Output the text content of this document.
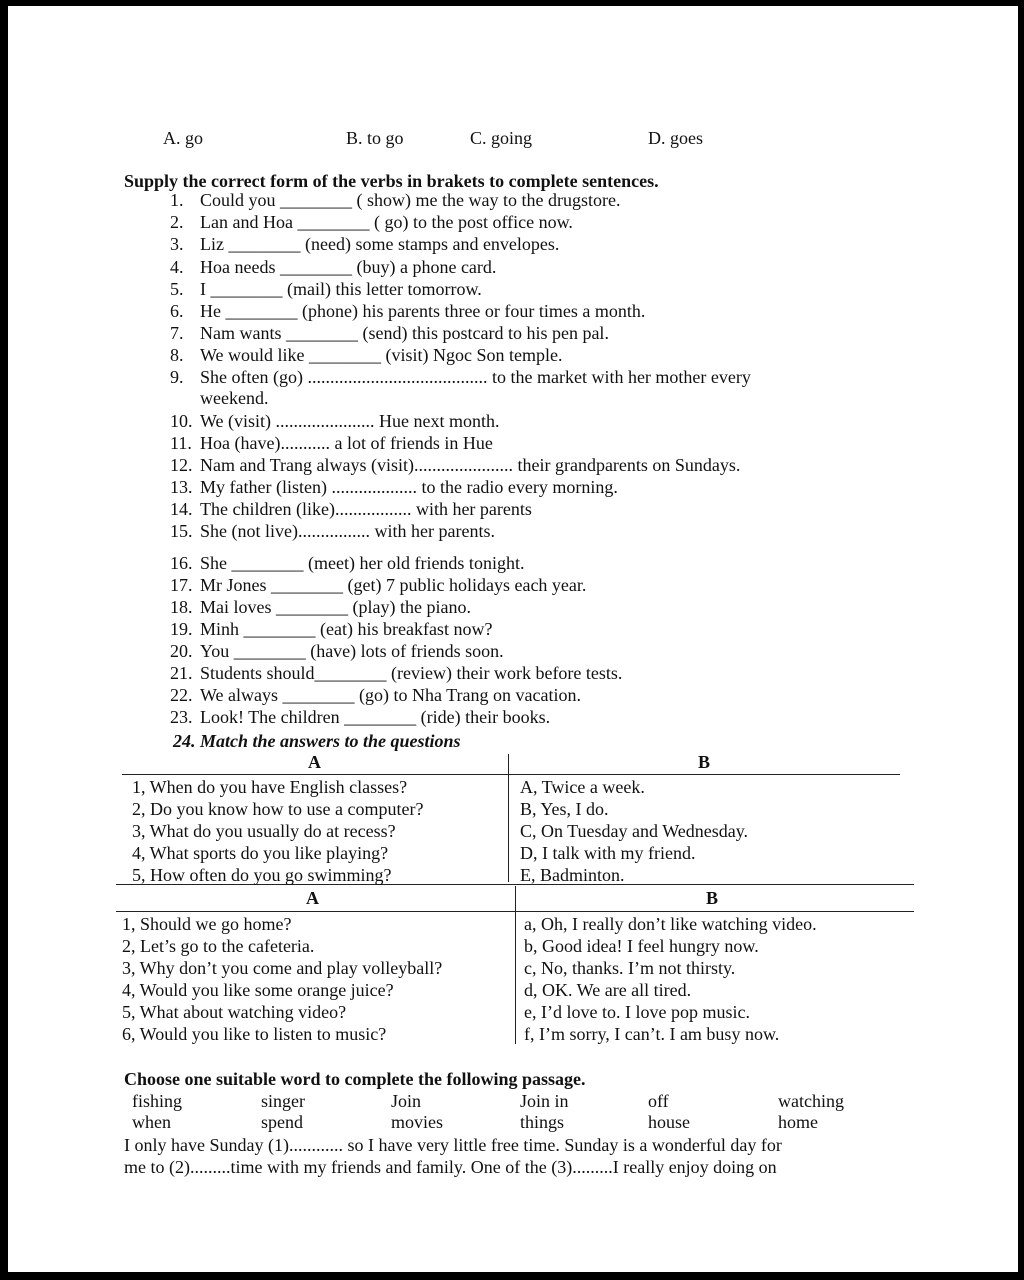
A. go	B. to go	C. going	D. goes
Supply the correct form of the verbs in brakets to complete sentences.
1. Could you ________ ( show) me the way to the drugstore.
2. Lan and Hoa ________ ( go) to the post office now.
3. Liz ________ (need) some stamps and envelopes.
4. Hoa needs ________ (buy) a phone card.
5. I ________ (mail) this letter tomorrow.
6. He ________ (phone) his parents three or four times a month.
7. Nam wants ________ (send) this postcard to his pen pal.
8. We would like ________ (visit) Ngoc Son temple.
9. She often (go) ........................................ to the market with her mother every
weekend.
10. We (visit) ...................... Hue next month.
11. Hoa (have)........... a lot of friends in Hue
12. Nam and Trang always (visit)...................... their grandparents on Sundays.
13. My father (listen) ................... to the radio every morning.
14. The children (like)................. with her parents
15. She (not live)................ with her parents.
16. She ________ (meet) her old friends tonight.
17. Mr Jones ________ (get) 7 public holidays each year.
18. Mai loves ________ (play) the piano.
19. Minh ________ (eat) his breakfast now?
20. You ________ (have) lots of friends soon.
21. Students should________ (review) their work before tests.
22. We always ________ (go) to Nha Trang on vacation.
23. Look! The children ________ (ride) their books.
24. Match the answers to the questions
A	B
1, When do you have English classes?	A, Twice a week.
2, Do you know how to use a computer?	B, Yes, I do.
3, What do you usually do at recess?	C, On Tuesday and Wednesday.
4, What sports do you like playing?	D, I talk with my friend.
5, How often do you go swimming?	E, Badminton.
A	B
1, Should we go home?	a, Oh, I really don’t like watching video.
2, Let’s go to the cafeteria.	b, Good idea! I feel hungry now.
3, Why don’t you come and play volleyball?	c, No, thanks. I’m not thirsty.
4, Would you like some orange juice?	d, OK. We are all tired.
5, What about watching video?	e, I’d love to. I love pop music.
6, Would you like to listen to music?	f, I’m sorry, I can’t. I am busy now.
Choose one suitable word to complete the following passage.
fishing	singer	Join	Join in	off	watching
when	spend	movies	things	house	home
I only have Sunday (1)............ so I have very little free time. Sunday is a wonderful day for
me to (2).........time with my friends and family. One of the (3).........I really enjoy doing on
